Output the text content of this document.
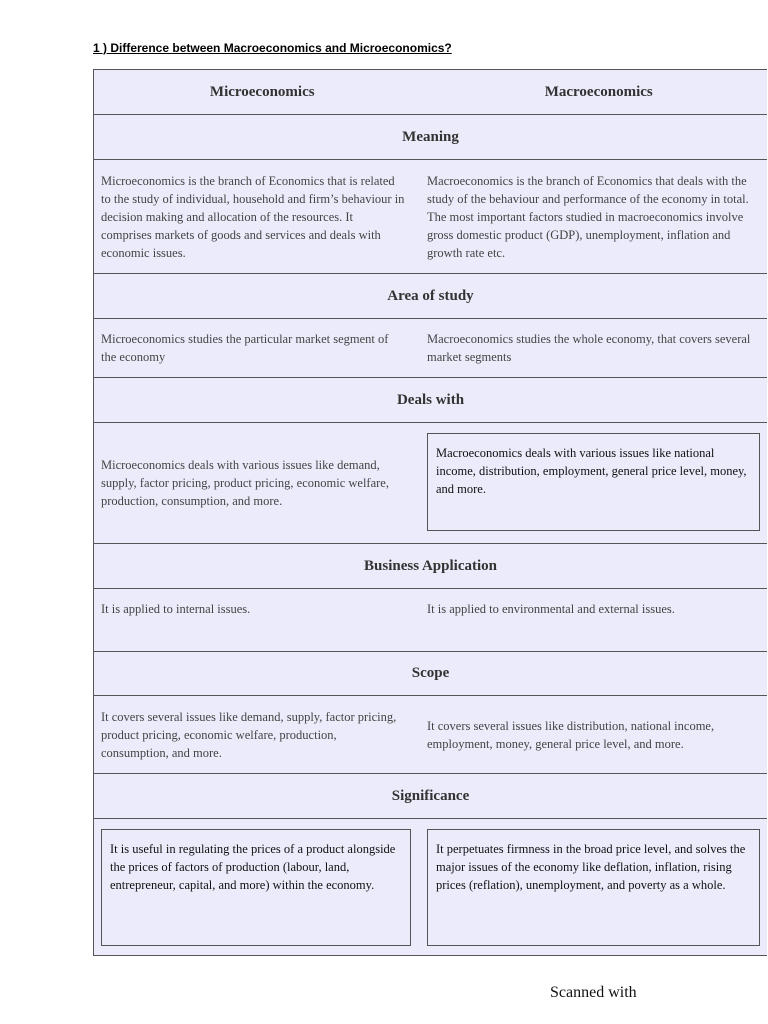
1 ) Difference between Macroeconomics and Microeconomics?
Microeconomics	Macroeconomics
Meaning
Microeconomics is the branch of Economics that is related to the study of individual, household and firm’s behaviour in decision making and allocation of the resources. It comprises markets of goods and services and deals with economic issues.
Macroeconomics is the branch of Economics that deals with the study of the behaviour and performance of the economy in total. The most important factors studied in macroeconomics involve gross domestic product (GDP), unemployment, inflation and growth rate etc.
Area of study
Microeconomics studies the particular market segment of the economy
Macroeconomics studies the whole economy, that covers several market segments
Deals with
Microeconomics deals with various issues like demand, supply, factor pricing, product pricing, economic welfare, production, consumption, and more.
Macroeconomics deals with various issues like national income, distribution, employment, general price level, money, and more.
Business Application
It is applied to internal issues.	It is applied to environmental and external issues.
Scope
It covers several issues like demand, supply, factor pricing, product pricing, economic welfare, production, consumption, and more.
It covers several issues like distribution, national income, employment, money, general price level, and more.
Significance
It is useful in regulating the prices of a product alongside the prices of factors of production (labour, land, entrepreneur, capital, and more) within the economy.
It perpetuates firmness in the broad price level, and solves the major issues of the economy like deflation, inflation, rising prices (reflation), unemployment, and poverty as a whole.

Scanned with
